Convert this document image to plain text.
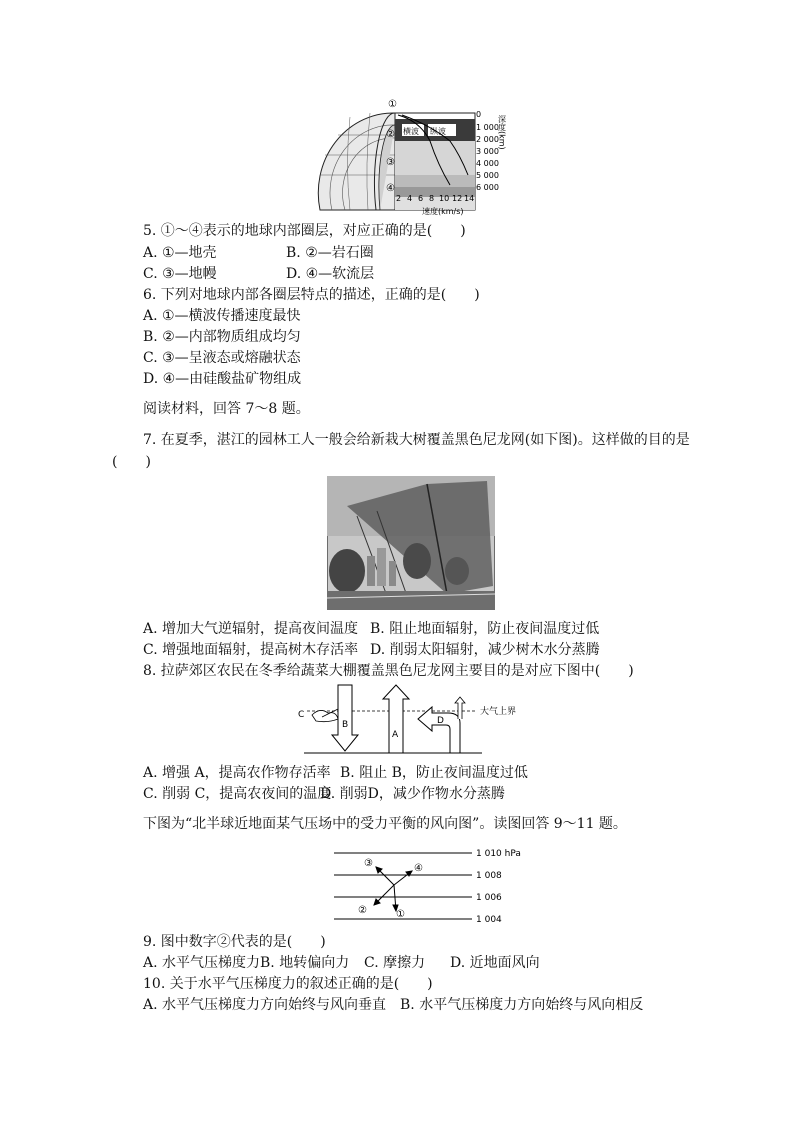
①
②
③
④
横波 纵波
0
1 000
2 000
3 000
4 000
5 000
6 000
深度(km)
2 4 6 8 10 12 14
速度(km/s)
5. ①～④表示的地球内部圈层，对应正确的是(　　)
A. ①—地壳	B. ②—岩石圈
C. ③—地幔	D. ④—软流层
6. 下列对地球内部各圈层特点的描述，正确的是(　　)
A. ①—横波传播速度最快
B. ②—内部物质组成均匀
C. ③—呈液态或熔融状态
D. ④—由硅酸盐矿物组成
阅读材料，回答 7～8 题。
7. 在夏季，湛江的园林工人一般会给新栽大树覆盖黑色尼龙网(如下图)。这样做的目的是
(　　)
A. 增加大气逆辐射，提高夜间温度 B. 阻止地面辐射，防止夜间温度过低
C. 增强地面辐射，提高树木存活率 D. 削弱太阳辐射，减少树木水分蒸腾
8. 拉萨郊区农民在冬季给蔬菜大棚覆盖黑色尼龙网主要目的是对应下图中(　　)
大气上界
B
C
A
D
A. 增强 A，提高农作物存活率 B. 阻止 B，防止夜间温度过低
C. 削弱 C，提高农夜间的温度
D. 削弱D，减少作物水分蒸腾
下图为“北半球近地面某气压场中的受力平衡的风向图”。读图回答 9～11 题。
1 010 hPa
1 008
1 006
1 004
③	④
②	①
9. 图中数字②代表的是(　　)
A. 水平气压梯度力 B. 地转偏向力 C. 摩擦力 D. 近地面风向
10. 关于水平气压梯度力的叙述正确的是(　　)
A. 水平气压梯度力方向始终与风向垂直 B. 水平气压梯度力方向始终与风向相反
